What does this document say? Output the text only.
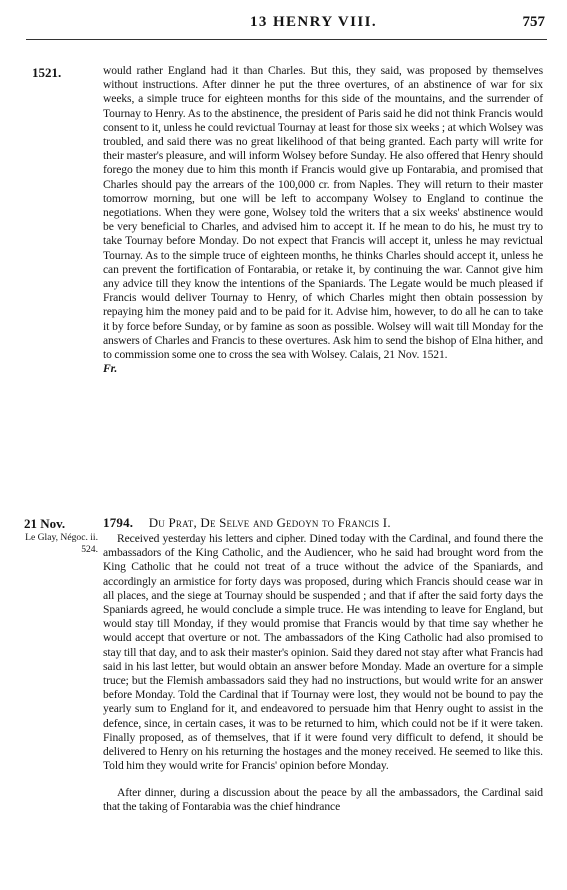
13 HENRY VIII.	757
1521.	would rather England had it than Charles. But this, they said, was proposed by themselves without instructions. After dinner he put the three overtures, of an abstinence of war for six weeks, a simple truce for eighteen months for this side of the mountains, and the surrender of Tournay to Henry. As to the abstinence, the president of Paris said he did not think Francis would consent to it, unless he could revictual Tournay at least for those six weeks ; at which Wolsey was troubled, and said there was no great likelihood of that being granted. Each party will write for their master's pleasure, and will inform Wolsey before Sunday. He also offered that Henry should forego the money due to him this month if Francis would give up Fontarabia, and promised that Charles should pay the arrears of the 100,000 cr. from Naples. They will return to their master tomorrow morning, but one will be left to accompany Wolsey to England to continue the negotiations. When they were gone, Wolsey told the writers that a six weeks' abstinence would be very beneficial to Charles, and advised him to accept it. If he mean to do his, he must try to take Tournay before Monday. Do not expect that Francis will accept it, unless he may revictual Tournay. As to the simple truce of eighteen months, he thinks Charles should accept it, unless he can prevent the fortification of Fontarabia, or retake it, by continuing the war. Cannot give him any advice till they know the intentions of the Spaniards. The Legate would be much pleased if Francis would deliver Tournay to Henry, of which Charles might then obtain possession by repaying him the money paid and to be paid for it. Advise him, however, to do all he can to take it by force before Sunday, or by famine as soon as possible. Wolsey will wait till Monday for the answers of Charles and Francis to these overtures. Ask him to send the bishop of Elna hither, and to commission some one to cross the sea with Wolsey. Calais, 21 Nov. 1521.
Fr.
21 Nov.
Le Glay, Négoc. ii. 524.
1794. Du Prat, De Selve and Gedoyn to Francis I.
Received yesterday his letters and cipher. Dined today with the Cardinal, and found there the ambassadors of the King Catholic, and the Audiencer, who he said had brought word from the King Catholic that he could not treat of a truce without the advice of the Spaniards, and accordingly an armistice for forty days was proposed, during which Francis should cease war in all places, and the siege at Tournay should be suspended ; and that if after the said forty days the Spaniards agreed, he would conclude a simple truce. He was intending to leave for England, but would stay till Monday, if they would promise that Francis would by that time say whether he would accept that overture or not. The ambassadors of the King Catholic had also promised to stay till that day, and to ask their master's opinion. Said they dared not stay after what Francis had said in his last letter, but would obtain an answer before Monday. Made an overture for a simple truce; but the Flemish ambassadors said they had no instructions, but would write for an answer before Monday. Told the Cardinal that if Tournay were lost, they would not be bound to pay the yearly sum to England for it, and endeavored to persuade him that Henry ought to assist in the defence, since, in certain cases, it was to be returned to him, which could not be if it were taken. Finally proposed, as of themselves, that if it were found very difficult to defend, it should be delivered to Henry on his returning the hostages and the money received. He seemed to like this. Told him they would write for Francis' opinion before Monday.
After dinner, during a discussion about the peace by all the ambassadors, the Cardinal said that the taking of Fontarabia was the chief hindrance
